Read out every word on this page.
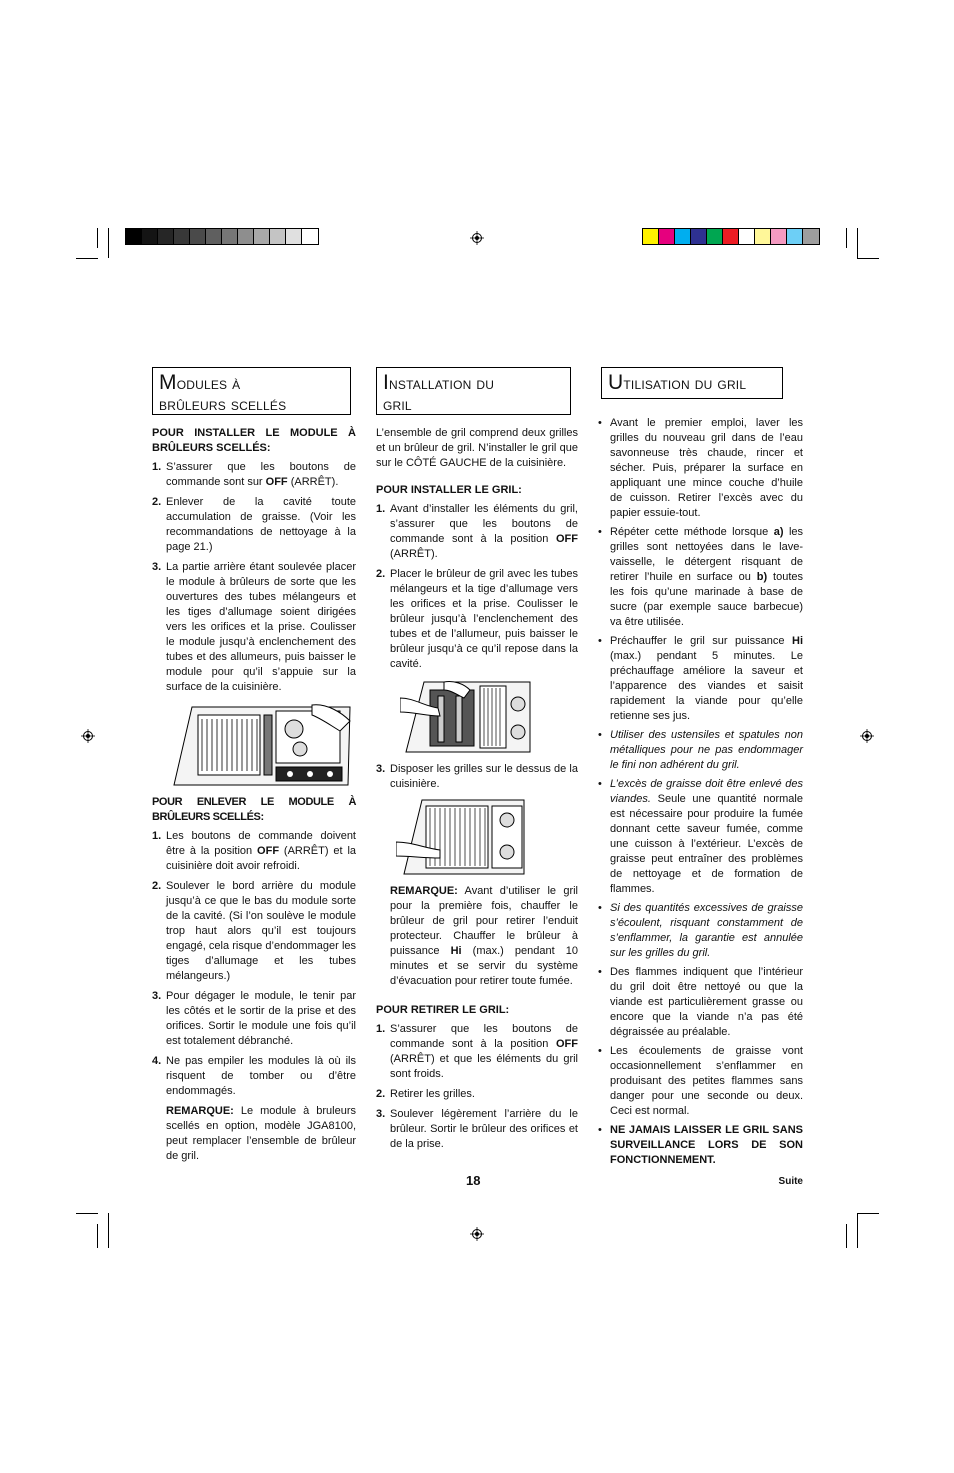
Modules à
brûleurs scellés
Installation du
gril
Utilisation du gril
POUR INSTALLER LE MODULE À BRÛLEURS SCELLÉS:
1. S’assurer que les boutons de commande sont sur OFF (ARRÊT).
2. Enlever de la cavité toute accumulation de graisse. (Voir les recommandations de nettoyage à la page 21.)
3. La partie arrière étant soulevée placer le module à brûleurs de sorte que les ouvertures des tubes mélangeurs et les tiges d’allumage soient dirigées vers les orifices et la prise. Coulisser le module jusqu’à enclenchement des tubes et des allumeurs, puis baisser le module pour qu’il s’appuie sur la surface de la cuisinière.
POUR ENLEVER LE MODULE À BRÛLEURS SCELLÉS:
1. Les boutons de commande doivent être à la position OFF (ARRÊT) et la cuisinière doit avoir refroidi.
2. Soulever le bord arrière du module jusqu’à ce que le bas du module sorte de la cavité. (Si l’on soulève le module trop haut alors qu’il est toujours engagé, cela risque d’endommager les tiges d’allumage et les tubes mélangeurs.)
3. Pour dégager le module, le tenir par les côtés et le sortir de la prise et des orifices. Sortir le module une fois qu’il est totalement débranché.
4. Ne pas empiler les modules là où ils risquent de tomber ou d’être endommagés.
REMARQUE: Le module à bruleurs scellés en option, modèle JGA8100, peut remplacer l’ensemble de brûleur de gril.

L’ensemble de gril comprend deux grilles et un brûleur de gril. N’installer le gril que sur le CÔTÉ GAUCHE de la cuisinière.

POUR INSTALLER LE GRIL:
1. Avant d’installer les éléments du gril, s’assurer que les boutons de commande sont à la position OFF (ARRÊT).
2. Placer le brûleur de gril avec les tubes mélangeurs et la tige d’allumage vers les orifices et la prise. Coulisser le brûleur jusqu’à l’enclenchement des tubes et de l’allumeur, puis baisser le brûleur jusqu’à ce qu’il repose dans la cavité.
3. Disposer les grilles sur le dessus de la cuisinière.
REMARQUE: Avant d’utiliser le gril pour la première fois, chauffer le brûleur de gril pour retirer l’enduit protecteur. Chauffer le brûleur à puissance Hi (max.) pendant 10 minutes et se servir du système d’évacuation pour retirer toute fumée.
POUR RETIRER LE GRIL:
1. S’assurer que les boutons de commande sont à la position OFF (ARRÊT) et que les éléments du gril sont froids.
2. Retirer les grilles.
3. Soulever légèrement l’arrière du le brûleur. Sortir le brûleur des orifices et de la prise.
• Avant le premier emploi, laver les grilles du nouveau gril dans de l’eau savonneuse très chaude, rincer et sécher. Puis, préparer la surface en appliquant une mince couche d’huile de cuisson. Retirer l’excès avec du papier essuie-tout.
• Répéter cette méthode lorsque a) les grilles sont nettoyées dans le lave-vaisselle, le détergent risquant de retirer l’huile en surface ou b) toutes les fois qu’une marinade à base de sucre (par exemple sauce barbecue) va être utilisée.
• Préchauffer le gril sur puissance Hi (max.) pendant 5 minutes. Le préchauffage améliore la saveur et l’apparence des viandes et saisit rapidement la viande pour qu’elle retienne ses jus.
• Utiliser des ustensiles et spatules non métalliques pour ne pas endommager le fini non adhérent du gril.
• L’excès de graisse doit être enlevé des viandes. Seule une quantité normale est nécessaire pour produire la fumée donnant cette saveur fumée, comme une cuisson à l’extérieur. L’excès de graisse peut entraîner des problèmes de nettoyage et de formation de flammes.
• Si des quantités excessives de graisse s’écoulent, risquant constamment de s’enflammer, la garantie est annulée sur les grilles du gril.
• Des flammes indiquent que l’intérieur du gril doit être nettoyé ou que la viande est particulièrement grasse ou encore que la viande n’a pas été dégraissée au préalable.
• Les écoulements de graisse vont occasionnellement s’enflammer en produisant des petites flammes sans danger pour une seconde ou deux. Ceci est normal.
• NE JAMAIS LAISSER LE GRIL SANS SURVEILLANCE LORS DE SON FONCTIONNEMENT.
Suite
18
